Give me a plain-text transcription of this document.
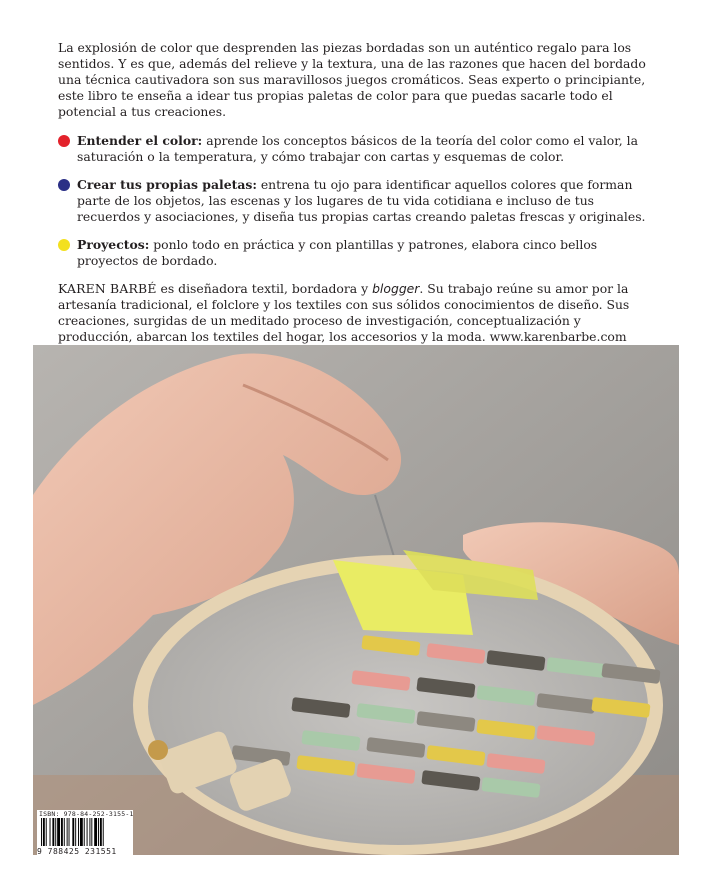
La explosión de color que desprenden las piezas bordadas son un auténtico regalo para los sentidos. Y es que, además del relieve y la textura, una de las razones que hacen del bordado una técnica cautivadora son sus maravillosos juegos cromáticos. Seas experto o principiante, este libro te enseña a idear tus propias paletas de color para que puedas sacarle todo el potencial a tus creaciones.

Entender el color: aprende los conceptos básicos de la teoría del color como el valor, la saturación o la temperatura, y cómo trabajar con cartas y esquemas de color.
Crear tus propias paletas: entrena tu ojo para identificar aquellos colores que forman parte de los objetos, las escenas y los lugares de tu vida cotidiana e incluso de tus recuerdos y asociaciones, y diseña tus propias cartas creando paletas frescas y originales.
Proyectos: ponlo todo en práctica y con plantillas y patrones, elabora cinco bellos proyectos de bordado.

KAREN BARBÉ es diseñadora textil, bordadora y blogger. Su trabajo reúne su amor por la artesanía tradicional, el folclore y los textiles con sus sólidos conocimientos de diseño. Sus creaciones, surgidas de un meditado proceso de investigación, conceptualización y producción, abarcan los textiles del hogar, los accesorios y la moda. www.karenbarbe.com

ISBN: 978-84-252-3155-1
9 788425 231551
